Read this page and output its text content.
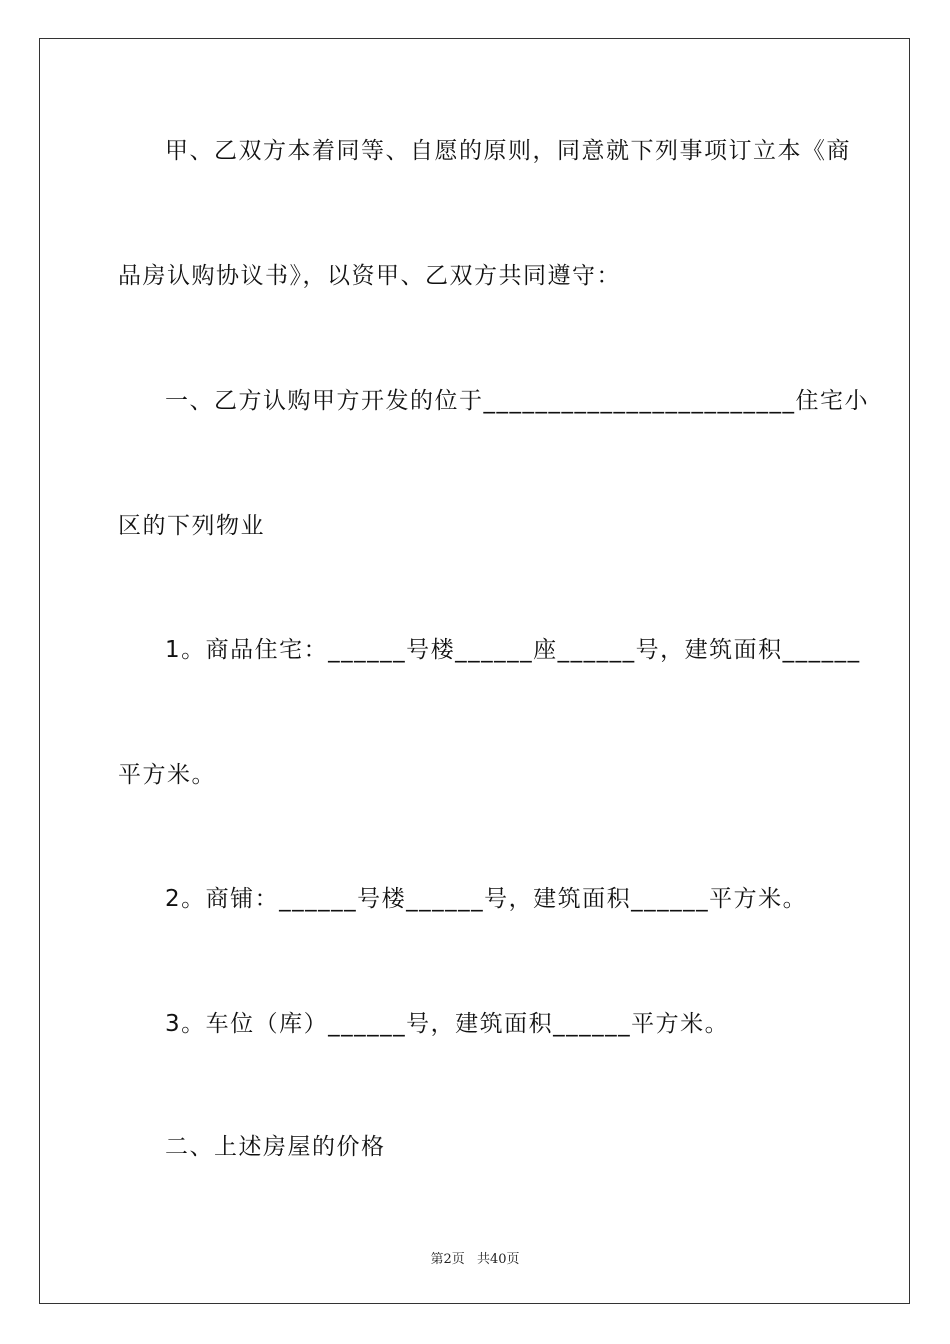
甲、乙双方本着同等、自愿的原则，同意就下列事项订立本《商
品房认购协议书》，以资甲、乙双方共同遵守：
一、乙方认购甲方开发的位于________________________住宅小
区的下列物业
1。商品住宅：______号楼______座______号，建筑面积______
平方米。
2。商铺：______号楼______号，建筑面积______平方米。
3。车位（库）______号，建筑面积______平方米。
二、上述房屋的价格
第2页 共40页
